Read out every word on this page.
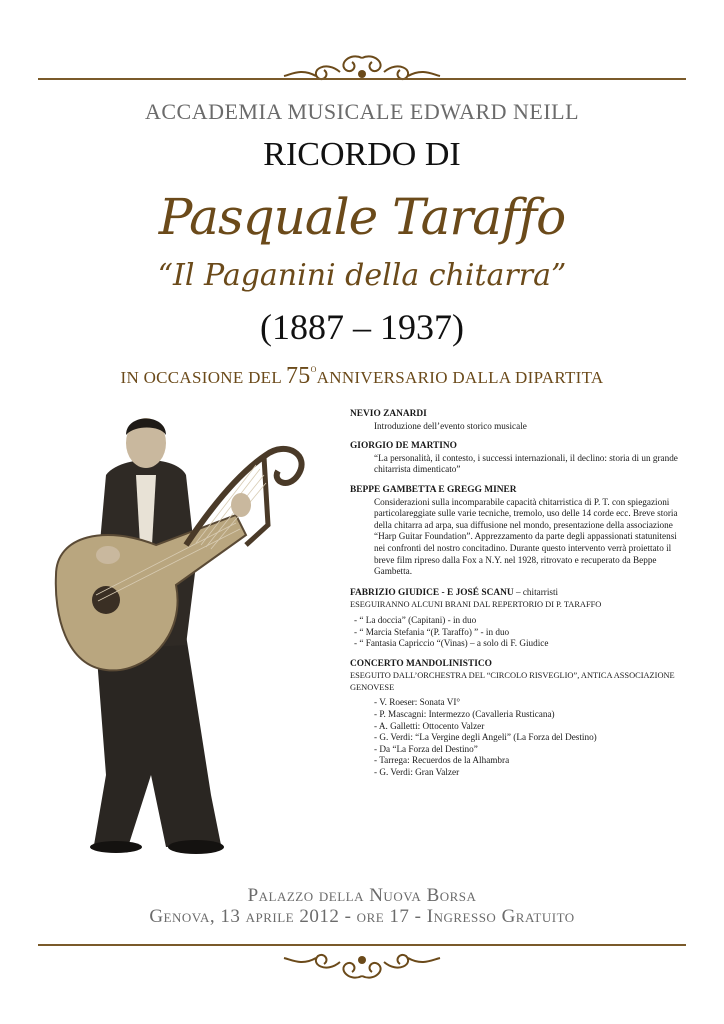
ACCADEMIA MUSICALE EDWARD NEILL
RICORDO DI
Pasquale Taraffo
“Il Paganini della chitarra”
(1887 – 1937)
IN OCCASIONE DEL 75$^o$ANNIVERSARIO DALLA DIPARTITA
NEVIO ZANARDI
Introduzione dell’evento storico musicale
GIORGIO DE MARTINO
“La personalità, il contesto, i successi internazionali, il declino: storia di un grande chitarrista dimenticato”
BEPPE GAMBETTA E GREGG MINER
Considerazioni sulla incomparabile capacità chitarristica di P. T. con spiegazioni particolareggiate sulle varie tecniche, tremolo, uso delle 14 corde ecc. Breve storia della chitarra ad arpa, sua diffusione nel mondo, presentazione della associazione “Harp Guitar Foundation”. Apprezzamento da parte degli appassionati statunitensi nei confronti del nostro concitadino. Durante questo intervento verrà proiettato il breve film ripreso dalla Fox a N.Y. nel 1928, ritrovato e recuperato da Beppe Gambetta.
FABRIZIO GIUDICE - E JOSÉ SCANU – chitarristi
ESEGUIRANNO ALCUNI BRANI DAL REPERTORIO DI P. TARAFFO
- “ La doccia” (Capitani) - in duo
- “ Marcia Stefania “(P. Taraffo) ” - in duo
- “ Fantasia Capriccio “(Vinas) – a solo di F. Giudice
CONCERTO MANDOLINISTICO
ESEGUITO DALL’ORCHESTRA DEL “CIRCOLO RISVEGLIO”, ANTICA ASSOCIAZIONE GENOVESE
- V. Roeser: Sonata VI°
- P. Mascagni: Intermezzo (Cavalleria Rusticana)
- A. Galletti: Ottocento Valzer
- G. Verdi: “La Vergine degli Angeli” (La Forza del Destino)
- Da “La Forza del Destino”
- Tarrega: Recuerdos de la Alhambra
- G. Verdi: Gran Valzer
Palazzo della Nuova Borsa
Genova, 13 aprile 2012 - ore 17 - Ingresso Gratuito
